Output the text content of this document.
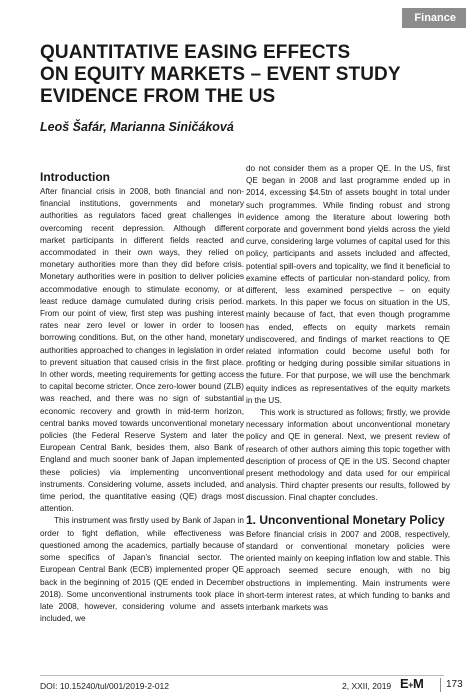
Finance
QUANTITATIVE EASING EFFECTS
ON EQUITY MARKETS – EVENT STUDY
EVIDENCE FROM THE US
Leoš Šafár, Marianna Siničáková
Introduction

After financial crisis in 2008, both financial and non-financial institutions, governments and monetary authorities as regulators faced great challenges in overcoming recent depression. Although different market participants in different fields reacted and accommodated in their own ways, they relied on monetary authorities more than they did before crisis. Monetary authorities were in position to deliver policies accommodative enough to stimulate economy, or at least reduce damage cumulated during crisis period. From our point of view, first step was pushing interest rates near zero level or lower in order to loosen borrowing conditions. But, on the other hand, monetary authorities approached to changes in legislation in order to prevent situation that caused crisis in the first place. In other words, meeting requirements for getting access to capital become stricter. Once zero-lower bound (ZLB) was reached, and there was no sign of substantial economic recovery and growth in mid-term horizon, central banks moved towards unconventional monetary policies (the Federal Reserve System and later the European Central Bank, besides them, also Bank of England and much sooner bank of Japan implemented these policies) via implementing unconventional instruments. Considering volume, assets included, and time period, the quantitative easing (QE) drags most attention.

This instrument was firstly used by Bank of Japan in order to fight deflation, while effectiveness was questioned among the academics, partially because of some specifics of Japan’s financial sector. The European Central Bank (ECB) implemented proper QE back in the beginning of 2015 (QE ended in December 2018). Some unconventional instruments took place in late 2008, however, considering volume and assets included, we

do not consider them as a proper QE. In the US, first QE began in 2008 and last programme ended up in 2014, excessing $4.5tn of assets bought in total under such programmes. While finding robust and strong evidence among the literature about lowering both corporate and government bond yields across the yield curve, considering large volumes of capital used for this policy, participants and assets included and affected, potential spill-overs and topicality, we find it beneficial to examine effects of particular non-standard policy, from different, less examined perspective – on equity markets. In this paper we focus on situation in the US, mainly because of fact, that even though programme has ended, effects on equity markets remain undiscovered, and findings of market reactions to QE related information could become useful both for profiting or hedging during possible similar situations in the future. For that purpose, we will use the benchmark equity indices as representatives of the equity markets in the US.

This work is structured as follows; firstly, we provide necessary information about unconventional monetary policy and QE in general. Next, we present review of research of other authors aiming this topic together with description of process of QE in the US. Second chapter present methodology and data used for our empirical analysis. Third chapter presents our results, followed by discussion. Final chapter concludes.

1. Unconventional Monetary Policy

Before financial crisis in 2007 and 2008, respectively, standard or conventional monetary policies were oriented mainly on keeping inflation low and stable. This approach seemed secure enough, with no big obstructions in implementing. Main instruments were short-term interest rates, at which funding to banks and interbank markets was

DOI: 10.15240/tul/001/2019-2-012	2, XXII, 2019 E+M	173
